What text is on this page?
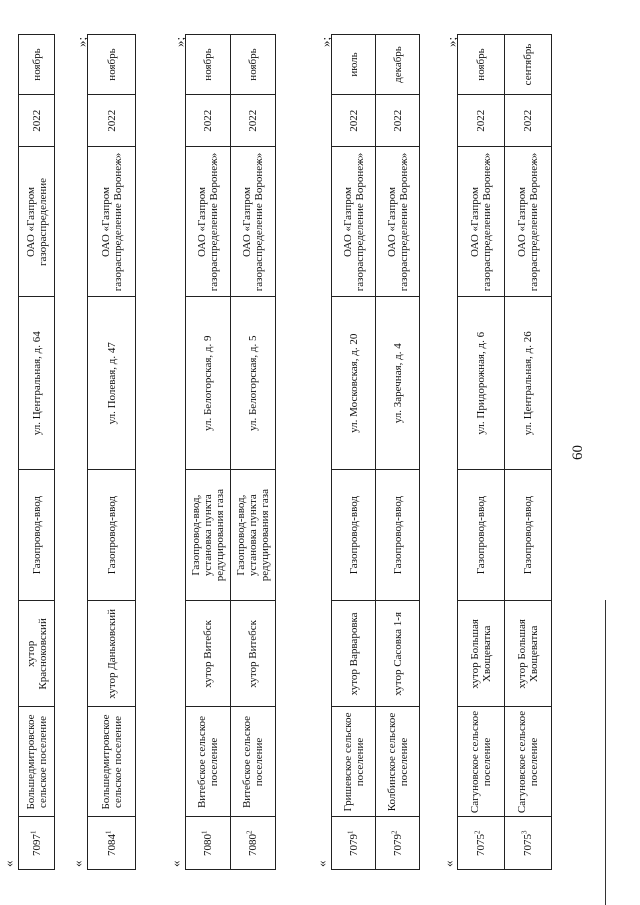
60
7075$^2$	Сагуновское сельское поселение	хутор Большая Хвощеватка	Газопровод-ввод	ул. Придорожная, д. 6	ОАО «Газпром газораспределение Воронеж»	2022	ноябрь
7075$^3$	Сагуновское сельское поселение	хутор Большая Хвощеватка	Газопровод-ввод	ул. Центральная, д. 26	ОАО «Газпром газораспределение Воронеж»	2022	сентябрь
«
»;
7079$^1$	Гришевское сельское поселение	хутор Варваровка	Газопровод-ввод	ул. Московская, д. 20	ОАО «Газпром газораспределение Воронеж»	2022	июль
7079$^2$	Колбинское сельское поселение	хутор Сасовка 1-я	Газопровод-ввод	ул. Заречная, д. 4	ОАО «Газпром газораспределение Воронеж»	2022	декабрь
«
»;
7080$^1$	Витебское сельское поселение	хутор Витебск	Газопровод-ввод, установка пункта редуцирования газа	ул. Белогорская, д. 9	ОАО «Газпром газораспределение Воронеж»	2022	ноябрь
7080$^2$	Витебское сельское поселение	хутор Витебск	Газопровод-ввод, установка пункта редуцирования газа	ул. Белогорская, д. 5	ОАО «Газпром газораспределение Воронеж»	2022	ноябрь
«
»;
7084$^1$	Большедмитровское сельское поселение	хутор Даньковский	Газопровод-ввод	ул. Полевая, д. 47	ОАО «Газпром газораспределение Воронеж»	2022	ноябрь
«
»;
7097$^1$	Большедмитровское сельское поселение	хутор Красноковский	Газопровод-ввод	ул. Центральная, д. 64	ОАО «Газпром газораспределение	2022	ноябрь
«
